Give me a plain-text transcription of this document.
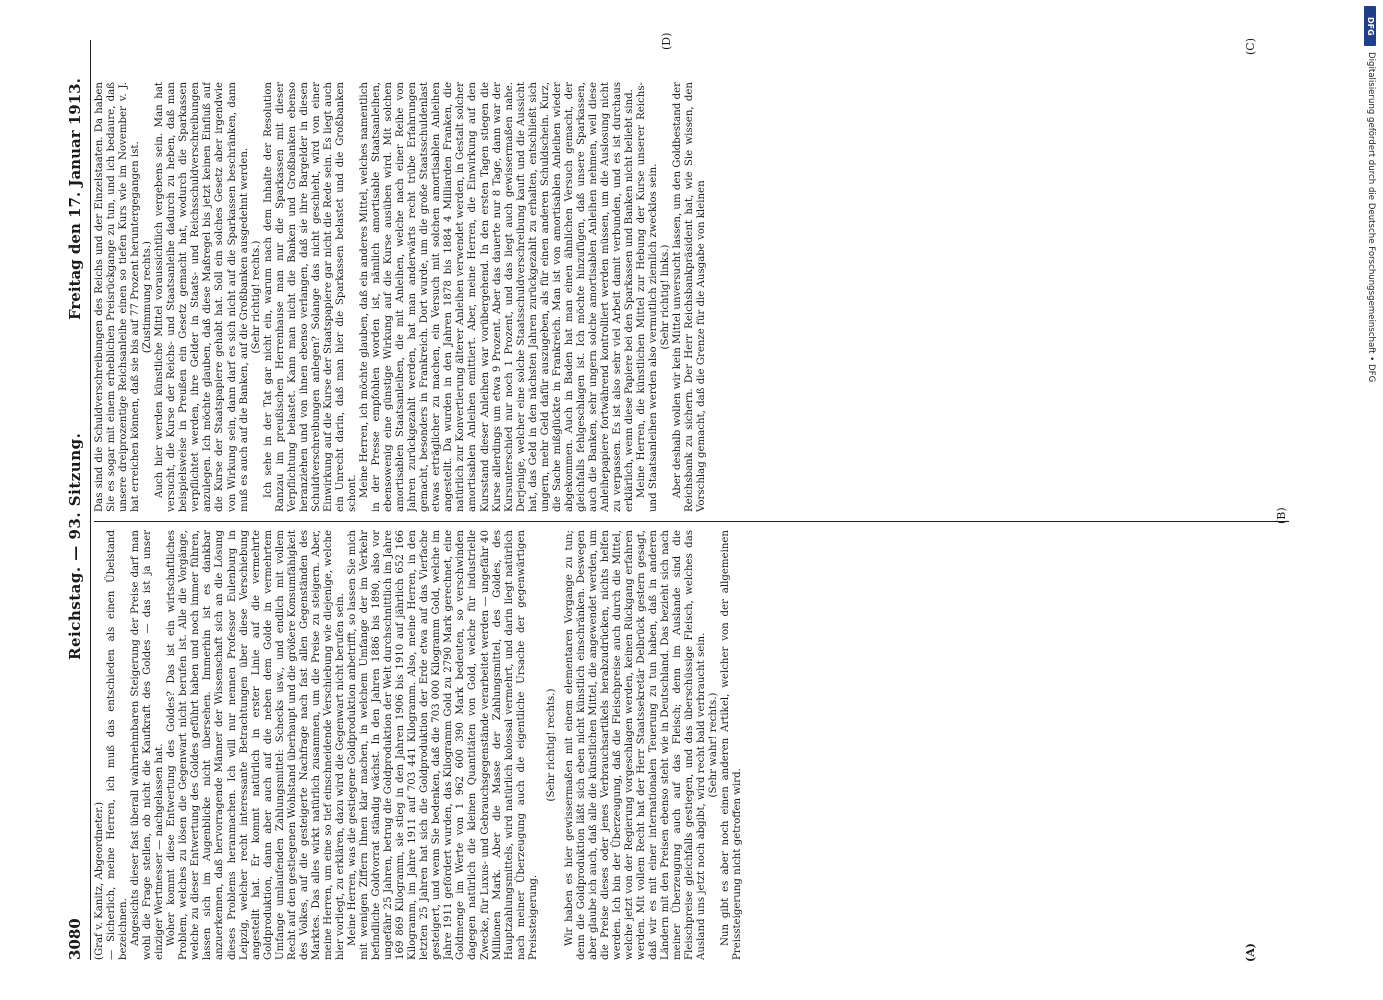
3080
Reichstag. — 93. Sitzung.
Freitag den 17. Januar 1913.

(Graf v. Kanitz, Abgeordneter.) — Sicherlich, meine Herren, ich muß das entschieden als einen Übelstand bezeichnen. Angesichts dieser fast überall wahrnehmbaren Steigerung der Preise darf man wohl die Frage stellen, ob nicht die Kaufkraft des Goldes — das ist ja unser einziger Wertmesser — nachgelassen hat. Woher kommt diese Entwertung des Goldes? Das ist ein wirtschaftliches Problem, welches zu lösen die Gegenwart nicht berufen ist. Alle die Vorgänge, welche zu dieser Entwertung des Goldes geführt haben und noch immer führen, lassen sich im Augenblicke nicht übersehen. Immerhin ist es dankbar anzuerkennen, daß hervorragende Männer der Wissenschaft sich an die Lösung dieses Problems heranmachen. Ich will nur nennen Professor Eulenburg in Leipzig, welcher recht interessante Betrachtungen über diese Verschiebung angestellt hat. Er kommt natürlich in erster Linie auf die vermehrte Goldproduktion, dann aber auch auf die neben dem Golde in vermehrtem Umfange umlaufenden Zahlungsmittel: Schecks usw., und endlich mit vollem Recht auf den gestiegenen Wohlstand überhaupt und die größere Konsumfähigkeit des Volkes, auf die gesteigerte Nachfrage nach fast allen Gegenständen des Marktes. Das alles wirkt natürlich zusammen, um die Preise zu steigern. Aber, meine Herren, um eine so tief einschneidende Verschiebung wie diejenige, welche hier vorliegt, zu erklären, dazu wird die Gegenwart nicht berufen sein. Meine Herren, was die gestiegene Goldproduktion anbetrifft, so lassen Sie mich mit wenigen Ziffern Ihnen klar machen, in welchem Umfange der im Verkehr befindliche Goldvorrat ständig wächst. In den Jahren 1886 bis 1890, also vor ungefähr 25 Jahren, betrug die Goldproduktion der Welt durchschnittlich im Jahre 169 869 Kilogramm, sie stieg in den Jahren 1906 bis 1910 auf jährlich 652 166 Kilogramm, im Jahre 1911 auf 703 441 Kilogramm. Also, meine Herren, in den letzten 25 Jahren hat sich die Goldproduktion der Erde etwa auf das Vierfache gesteigert, und wenn Sie bedenken, daß die 703 000 Kilogramm Gold, welche im Jahre 1911 gefördert wurden, das Kilogramm Gold zu 2790 Mark gerechnet, eine Goldmenge im Werte von 1 962 600 390 Mark bedeuten, so verschwinden dagegen natürlich die kleinen Quantitäten von Gold, welche für industrielle Zwecke, für Luxus- und Gebrauchsgegenstände verarbeitet werden — ungefähr 40 Millionen Mark. Aber die Masse der Zahlungsmittel, des Goldes, des Hauptzahlungsmittels, wird natürlich kolossal vermehrt, und darin liegt natürlich nach meiner Überzeugung auch die eigentliche Ursache der gegenwärtigen Preissteigerung.

(Sehr richtig! rechts.) Wir haben es hier gewissermaßen mit einem elementaren Vorgange zu tun; denn die Goldproduktion läßt sich eben nicht künstlich einschränken. Deswegen aber glaube ich auch, daß alle die künstlichen Mittel, die angewendet werden, um die Preise dieses oder jenes Verbrauchsartikels herabzudrücken, nichts helfen werden. Ich bin der Überzeugung, daß die Fleischpreise auch durch die Mittel, welche jetzt von der Regierung vorgeschlagen werden, keinen Rückgang erfahren werden. Mit vollem Recht hat der Herr Staatssekretär Delbrück gestern gesagt, daß wir es mit einer internationalen Teuerung zu tun haben, daß in anderen Ländern mit den Preisen ebenso steht wie in Deutschland. Das bezieht sich nach meiner Überzeugung auch auf das Fleisch; denn im Auslande sind die Fleischpreise gleichfalls gestiegen, und das überschüssige Fleisch, welches das Ausland uns jetzt noch abgibt, wird recht bald verbraucht sein. (Sehr wahr! rechts.) Nun gibt es aber noch einen anderen Artikel, welcher von der allgemeinen Preissteigerung nicht getroffen wird.

Das sind die Schuldverschreibungen des Reichs und der Einzelstaaten. Da haben Sie es sogar mit einem erheblichen Preisrückgange zu tun, und ich bedaure, daß unsere dreiprozentige Reichsanleihe einen so tiefen Kurs wie im November v. J. hat erreichen können, daß sie bis auf 77 Prozent heruntergegangen ist. (Zustimmung rechts.) Auch hier werden künstliche Mittel voraussichtlich vergebens sein. Man hat versucht, die Kurse der Reichs- und Staatsanleihe dadurch zu heben, daß man beispielsweise in Preußen ein Gesetz gemacht hat, wodurch die Sparkassen verpflichtet werden, ihre Gelder in Staats- und Reichsschuldverschreibungen anzulegen. Ich möchte glauben, daß diese Maßregel bis jetzt keinen Einfluß auf die Kurse der Staatspapiere gehabt hat. Soll ein solches Gesetz aber irgendwie von Wirkung sein, dann darf es sich nicht auf die Sparkassen beschränken, dann muß es auch auf die Banken, auf die Großbanken ausgedehnt werden. (Sehr richtig! rechts.) Ich sehe in der Tat gar nicht ein, warum nach dem Inhalte der Resolution Ranzau im preußischen Herrenhause man nur die Sparkassen mit dieser Verpflichtung belastet. Kann man nicht die Banken und Großbanken ebenso heranziehen und von ihnen ebenso verlangen, daß sie ihre Bargelder in diesen Schuldverschreibungen anlegen? Solange das nicht geschieht, wird von einer Einwirkung auf die Kurse der Staatspapiere gar nicht die Rede sein. Es liegt auch ein Unrecht darin, daß man hier die Sparkassen belastet und die Großbanken schont. Meine Herren, ich möchte glauben, daß ein anderes Mittel, welches namentlich in der Presse empfohlen worden ist, nämlich amortisable Staatsanleihen, ebensowenig eine günstige Wirkung auf die Kurse ausüben wird. Mit solchen amortisablen Staatsanleihen, die mit Anleihen, welche nach einer Reihe von Jahren zurückgezahlt werden, hat man anderwärts recht trübe Erfahrungen gemacht, besonders in Frankreich. Dort wurde, um die große Staatsschuldenlast etwas erträglicher zu machen, ein Versuch mit solchen amortisablen Anleihen angestellt. Da wurden in den Jahren 1878 bis 1884 4 Milliarden Franken, die natürlich zur Konvertierung älterer Anleihen verwendet werden, in Gestalt solcher amortisablen Anleihen emittiert. Aber, meine Herren, die Einwirkung auf den Kursstand dieser Anleihen war vorübergehend. In den ersten Tagen stiegen die Kurse allerdings um etwa 9 Prozent. Aber das dauerte nur 8 Tage, dann war der Kursunterschied nur noch 1 Prozent, und das liegt auch gewissermaßen nahe. Derjenige, welcher eine solche Staatsschuldverschreibung kauft und die Aussicht hat, das Geld in den nächsten Jahren zurückgezahlt zu erhalten, entschließt sich ungern, mehr Geld dafür auszugeben, als für einen anderen Schuldschein. Kurz, die Sache mißglückte in Frankreich. Man ist von amortisablen Anleihen wieder abgekommen. Auch in Baden hat man einen ähnlichen Versuch gemacht, der gleichfalls fehlgeschlagen ist. Ich möchte hinzufügen, daß unsere Sparkassen, auch die Banken, sehr ungern solche amortisablen Anleihen nehmen, weil diese Anleihepapiere fortwährend kontrolliert werden müssen, um die Auslosung nicht zu verpassen. Es ist also sehr viel Arbeit damit verbunden, und es ist durchaus erklärlich, wenn diese Papiere bei den Sparkassen und Banken nicht beliebt sind. Meine Herren, die künstlichen Mittel zur Hebung der Kurse unserer Reichs- und Staatsanleihen werden also vermutlich ziemlich zwecklos sein. (Sehr richtig! links.) Aber deshalb wollen wir kein Mittel unversucht lassen, um den Goldbestand der Reichsbank zu sichern. Der Herr Reichsbankpräsident hat, wie Sie wissen, den Vorschlag gemacht, daß die Grenze für die Ausgabe von kleinen

(A)
(B)
(C)
(D)
DFG
Digitalisierung gefördert durch die Deutsche Forschungsgemeinschaft • DFG
